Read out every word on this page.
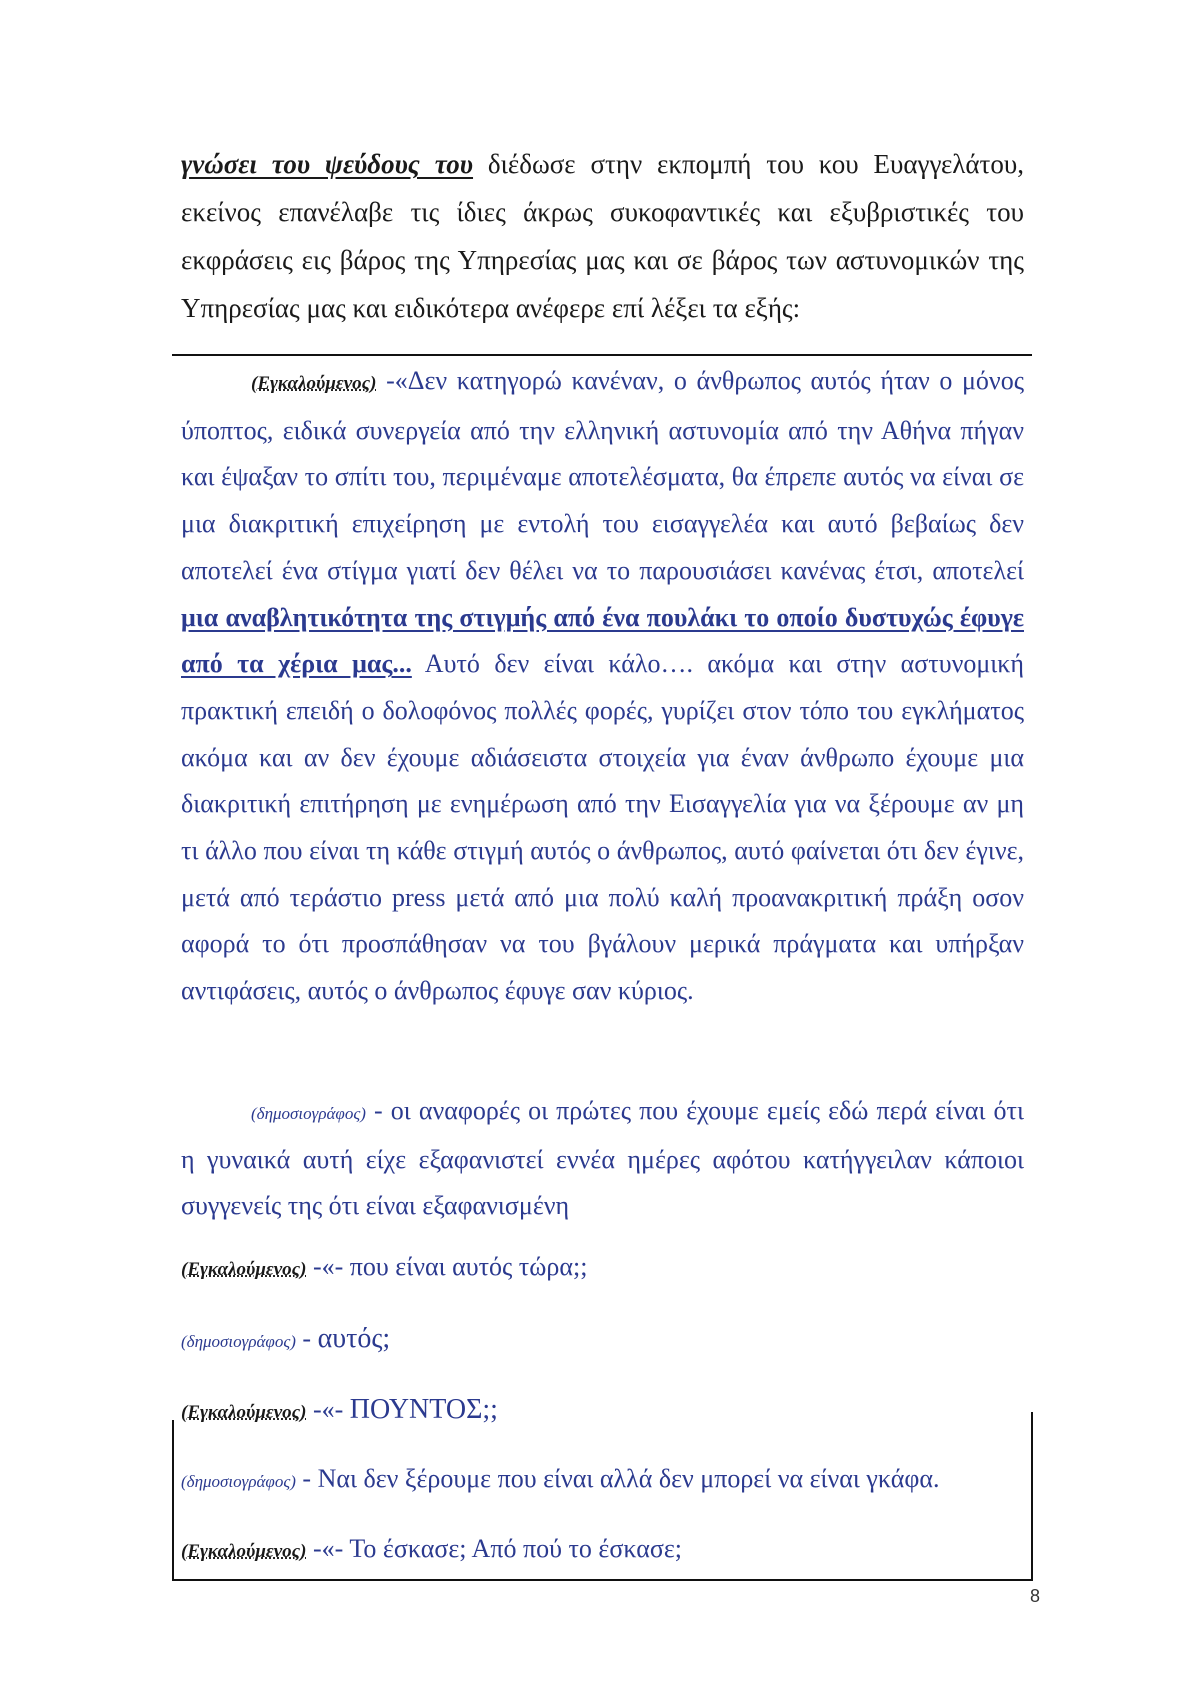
γνώσει του ψεύδους του διέδωσε στην εκπομπή του κου Ευαγγελάτου, εκείνος επανέλαβε τις ίδιες άκρως συκοφαντικές και εξυβριστικές του εκφράσεις εις βάρος της Υπηρεσίας μας και σε βάρος των αστυνομικών της Υπηρεσίας μας και ειδικότερα ανέφερε επί λέξει τα εξής:
(Εγκαλούμενος) -«Δεν κατηγορώ κανέναν, ο άνθρωπος αυτός ήταν ο μόνος ύποπτος, ειδικά συνεργεία από την ελληνική αστυνομία από την Αθήνα πήγαν και έψαξαν το σπίτι του, περιμέναμε αποτελέσματα, θα έπρεπε αυτός να είναι σε μια διακριτική επιχείρηση με εντολή του εισαγγελέα και αυτό βεβαίως δεν αποτελεί ένα στίγμα γιατί δεν θέλει να το παρουσιάσει κανένας έτσι, αποτελεί μια αναβλητικότητα της στιγμής από ένα πουλάκι το οποίο δυστυχώς έφυγε από τα χέρια μας... Αυτό δεν είναι κάλο…. ακόμα και στην αστυνομική πρακτική επειδή ο δολοφόνος πολλές φορές, γυρίζει στον τόπο του εγκλήματος ακόμα και αν δεν έχουμε αδιάσειστα στοιχεία για έναν άνθρωπο έχουμε μια διακριτική επιτήρηση με ενημέρωση από την Εισαγγελία για να ξέρουμε αν μη τι άλλο που είναι τη κάθε στιγμή αυτός ο άνθρωπος, αυτό φαίνεται ότι δεν έγινε, μετά από τεράστιο press μετά από μια πολύ καλή προανακριτική πράξη οσον αφορά το ότι προσπάθησαν να του βγάλουν μερικά πράγματα και υπήρξαν αντιφάσεις, αυτός ο άνθρωπος έφυγε σαν κύριος.
(δημοσιογράφος) - οι αναφορές οι πρώτες που έχουμε εμείς εδώ περά είναι ότι η γυναικά αυτή είχε εξαφανιστεί εννέα ημέρες αφότου κατήγγειλαν κάποιοι συγγενείς της ότι είναι εξαφανισμένη
(Εγκαλούμενος) -«- που είναι αυτός τώρα;;
(δημοσιογράφος) - αυτός;
(Εγκαλούμενος) -«- ΠΟΥΝΤΟΣ;;
(δημοσιογράφος) - Ναι δεν ξέρουμε που είναι αλλά δεν μπορεί να είναι γκάφα.
(Εγκαλούμενος) -«- Το έσκασε; Από πού το έσκασε;
8
